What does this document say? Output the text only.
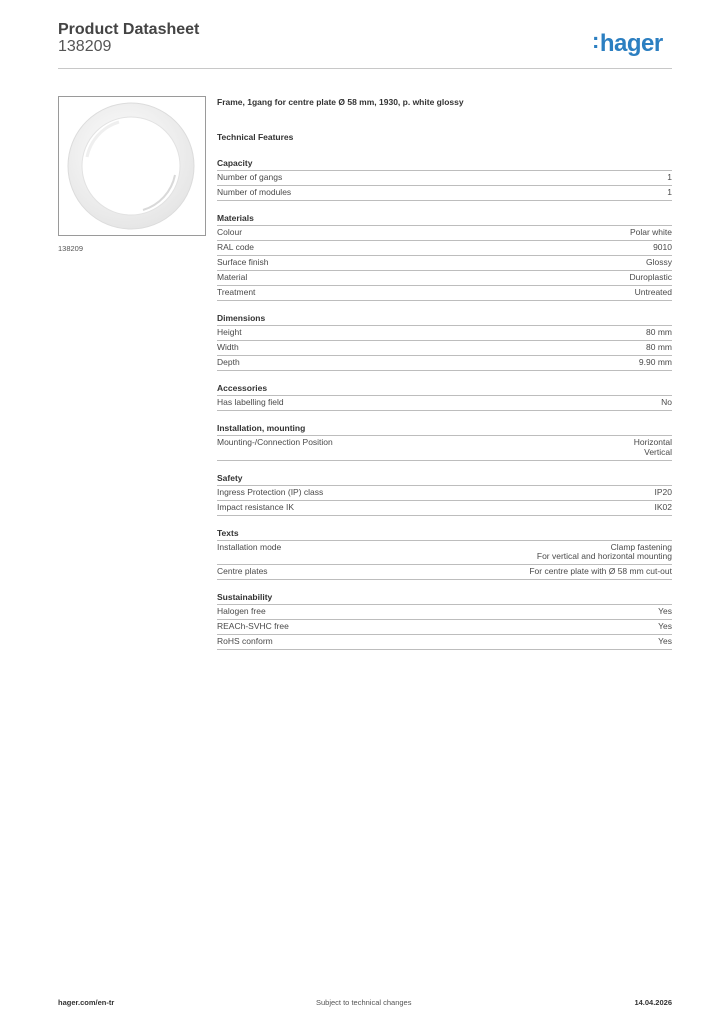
Product Datasheet
138209	:hager
138209
Frame, 1gang for centre plate Ø 58 mm, 1930, p. white glossy
Technical Features
Capacity
Number of gangs	1
Number of modules	1
Materials
Colour	Polar white
RAL code	9010
Surface finish	Glossy
Material	Duroplastic
Treatment	Untreated
Dimensions
Height	80 mm
Width	80 mm
Depth	9.90 mm
Accessories
Has labelling field	No
Installation, mounting
Mounting-/Connection Position	Horizontal
Vertical
Safety
Ingress Protection (IP) class	IP20
Impact resistance IK	IK02
Texts
Installation mode	Clamp fastening
For vertical and horizontal mounting
Centre plates	For centre plate with Ø 58 mm cut-out
Sustainability
Halogen free	Yes
REACh-SVHC free	Yes
RoHS conform	Yes
hager.com/en-tr	Subject to technical changes	14.04.2026
